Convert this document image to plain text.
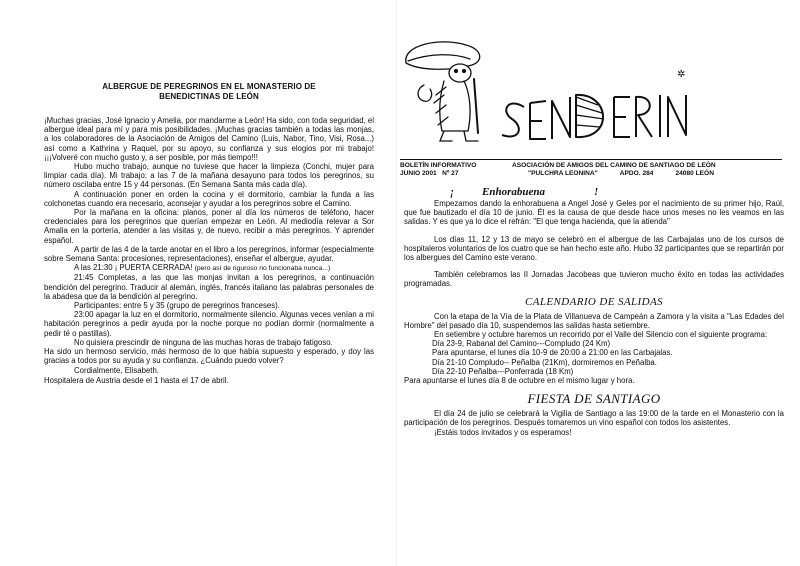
ALBERGUE DE PEREGRINOS EN EL MONASTERIO DE
BENEDICTINAS DE LEÓN

¡Muchas gracias, José Ignacio y Amelia, por mandarme a León! Ha sido, con toda seguridad, el albergue ideal para mí y para mis posibilidades. ¡Muchas gracias también a todas las monjas, a los colaboradores de la Asociación de Amigos del Camino (Luis, Nabor, Tino, Visi, Rosa...) así como a Kathrina y Raquel, por su apoyo, su confianza y sus elogios por mi trabajo! ¡¡¡Volveré con mucho gusto y, a ser posible, por más tiempo!!!

Hubo mucho trabajo, aunque no tuviese que hacer la limpieza (Conchi, mujer para limpiar cada día). Mi trabajo: a las 7 de la mañana desayuno para todos los peregrinos, su número oscilaba entre 15 y 44 personas. (En Semana Santa más cada día).

A continuación poner en orden la cocina y el dormitorio, cambiar la funda a las colchonetas cuando era necesario, aconsejar y ayudar a los peregrinos sobre el Camino.

Por la mañana en la oficina: planos, poner al día los números de teléfono, hacer credenciales para los peregrinos que querían empezar en León. Al mediodía relevar a Sor Amalia en la portería, atender a las visitas y, de nuevo, recibir a más peregrinos. Y aprender español.

A partir de las 4 de la tarde anotar en el libro a los peregrinos, informar (especialmente sobre Semana Santa: procesiones, representaciones), enseñar el albergue, ayudar.

A las 21:30 ¡ PUERTA CERRADA! (pero así de riguroso no funcionaba nunca...)

21:45 Completas, a las que las monjas invitan a los peregrinos, a continuación bendición del peregrino. Traducir al alemán, inglés, francés italiano las palabras personales de la abadesa que da la bendición al peregrino.

Participantes: entre 5 y 35 (grupo de peregrinos franceses).

23:00 apagar la luz en el dormitorio, normalmente silencio. Algunas veces venían a mi habitación peregrinos a pedir ayuda por la noche porque no podían dormir (normalmente a pedir té o pastillas).

No quisiera prescindir de ninguna de las muchas horas de trabajo fatigoso.

Ha sido un hermoso servicio, más hermoso de lo que había supuesto y esperado, y doy las gracias a todos por su ayuda y su confianza. ¿Cuándo puedo volver?

Cordialmente, Elisabeth.
Hospitalera de Austria desde el 1 hasta el 17 de abril.
✲
BOLETÍN INFORMATIVO
JUNIO 2001 Nº 27
ASOCIACIÓN DE AMIGOS DEL CAMINO DE SANTIAGO DE LEÓN
"PULCHRA LEONINA"	APDO. 284	24080 LEÓN
¡	Enhorabuena	!

Empezamos dando la enhorabuena a Angel José y Geles por el nacimiento de su primer hijo, Raúl, que fue bautizado el día 10 de junio. Él es la causa de que desde hace unos meses no les veamos en las salidas. Y es que ya lo dice el refrán: "El que tenga hacienda, que la atienda"

Los días 11, 12 y 13 de mayo se celebró en el albergue de las Carbajalas uno de los cursos de hospitaleros voluntarios de los cuatro que se han hecho este año. Hubo 32 participantes que se repartirán por los albergues del Camino este verano.

También celebramos las II Jornadas Jacobeas que tuvieron mucho éxito en todas las actividades programadas.

CALENDARIO DE SALIDAS

Con la etapa de la Vía de la Plata de Villanueva de Campeán a Zamora y la visita a "Las Edades del Hombre" del pasado día 10, suspendemos las salidas hasta setiembre.

En setiembre y octubre haremos un recorrido por el Valle del Silencio con el siguiente programa:

Día 23-9, Rabanal del Camino---Compludo (24 Km)
Para apuntarse, el lunes día 10-9 de 20:00 a 21:00 en las Carbajalas.
Día 21-10 Compludo-- Peñalba (21Km), dormiremos en Peñalba.
Día 22-10 Peñalba---Ponferrada (18 Km)

Para apuntarse el lunes día 8 de octubre en el mismo lugar y hora.

FIESTA DE SANTIAGO

El día 24 de julio se celebrará la Vigilia de Santiago a las 19:00 de la tarde en el Monasterio con la participación de los peregrinos. Después tomaremos un vino español con todos los asistentes.

¡Estáis todos invitados y os esperamos!
